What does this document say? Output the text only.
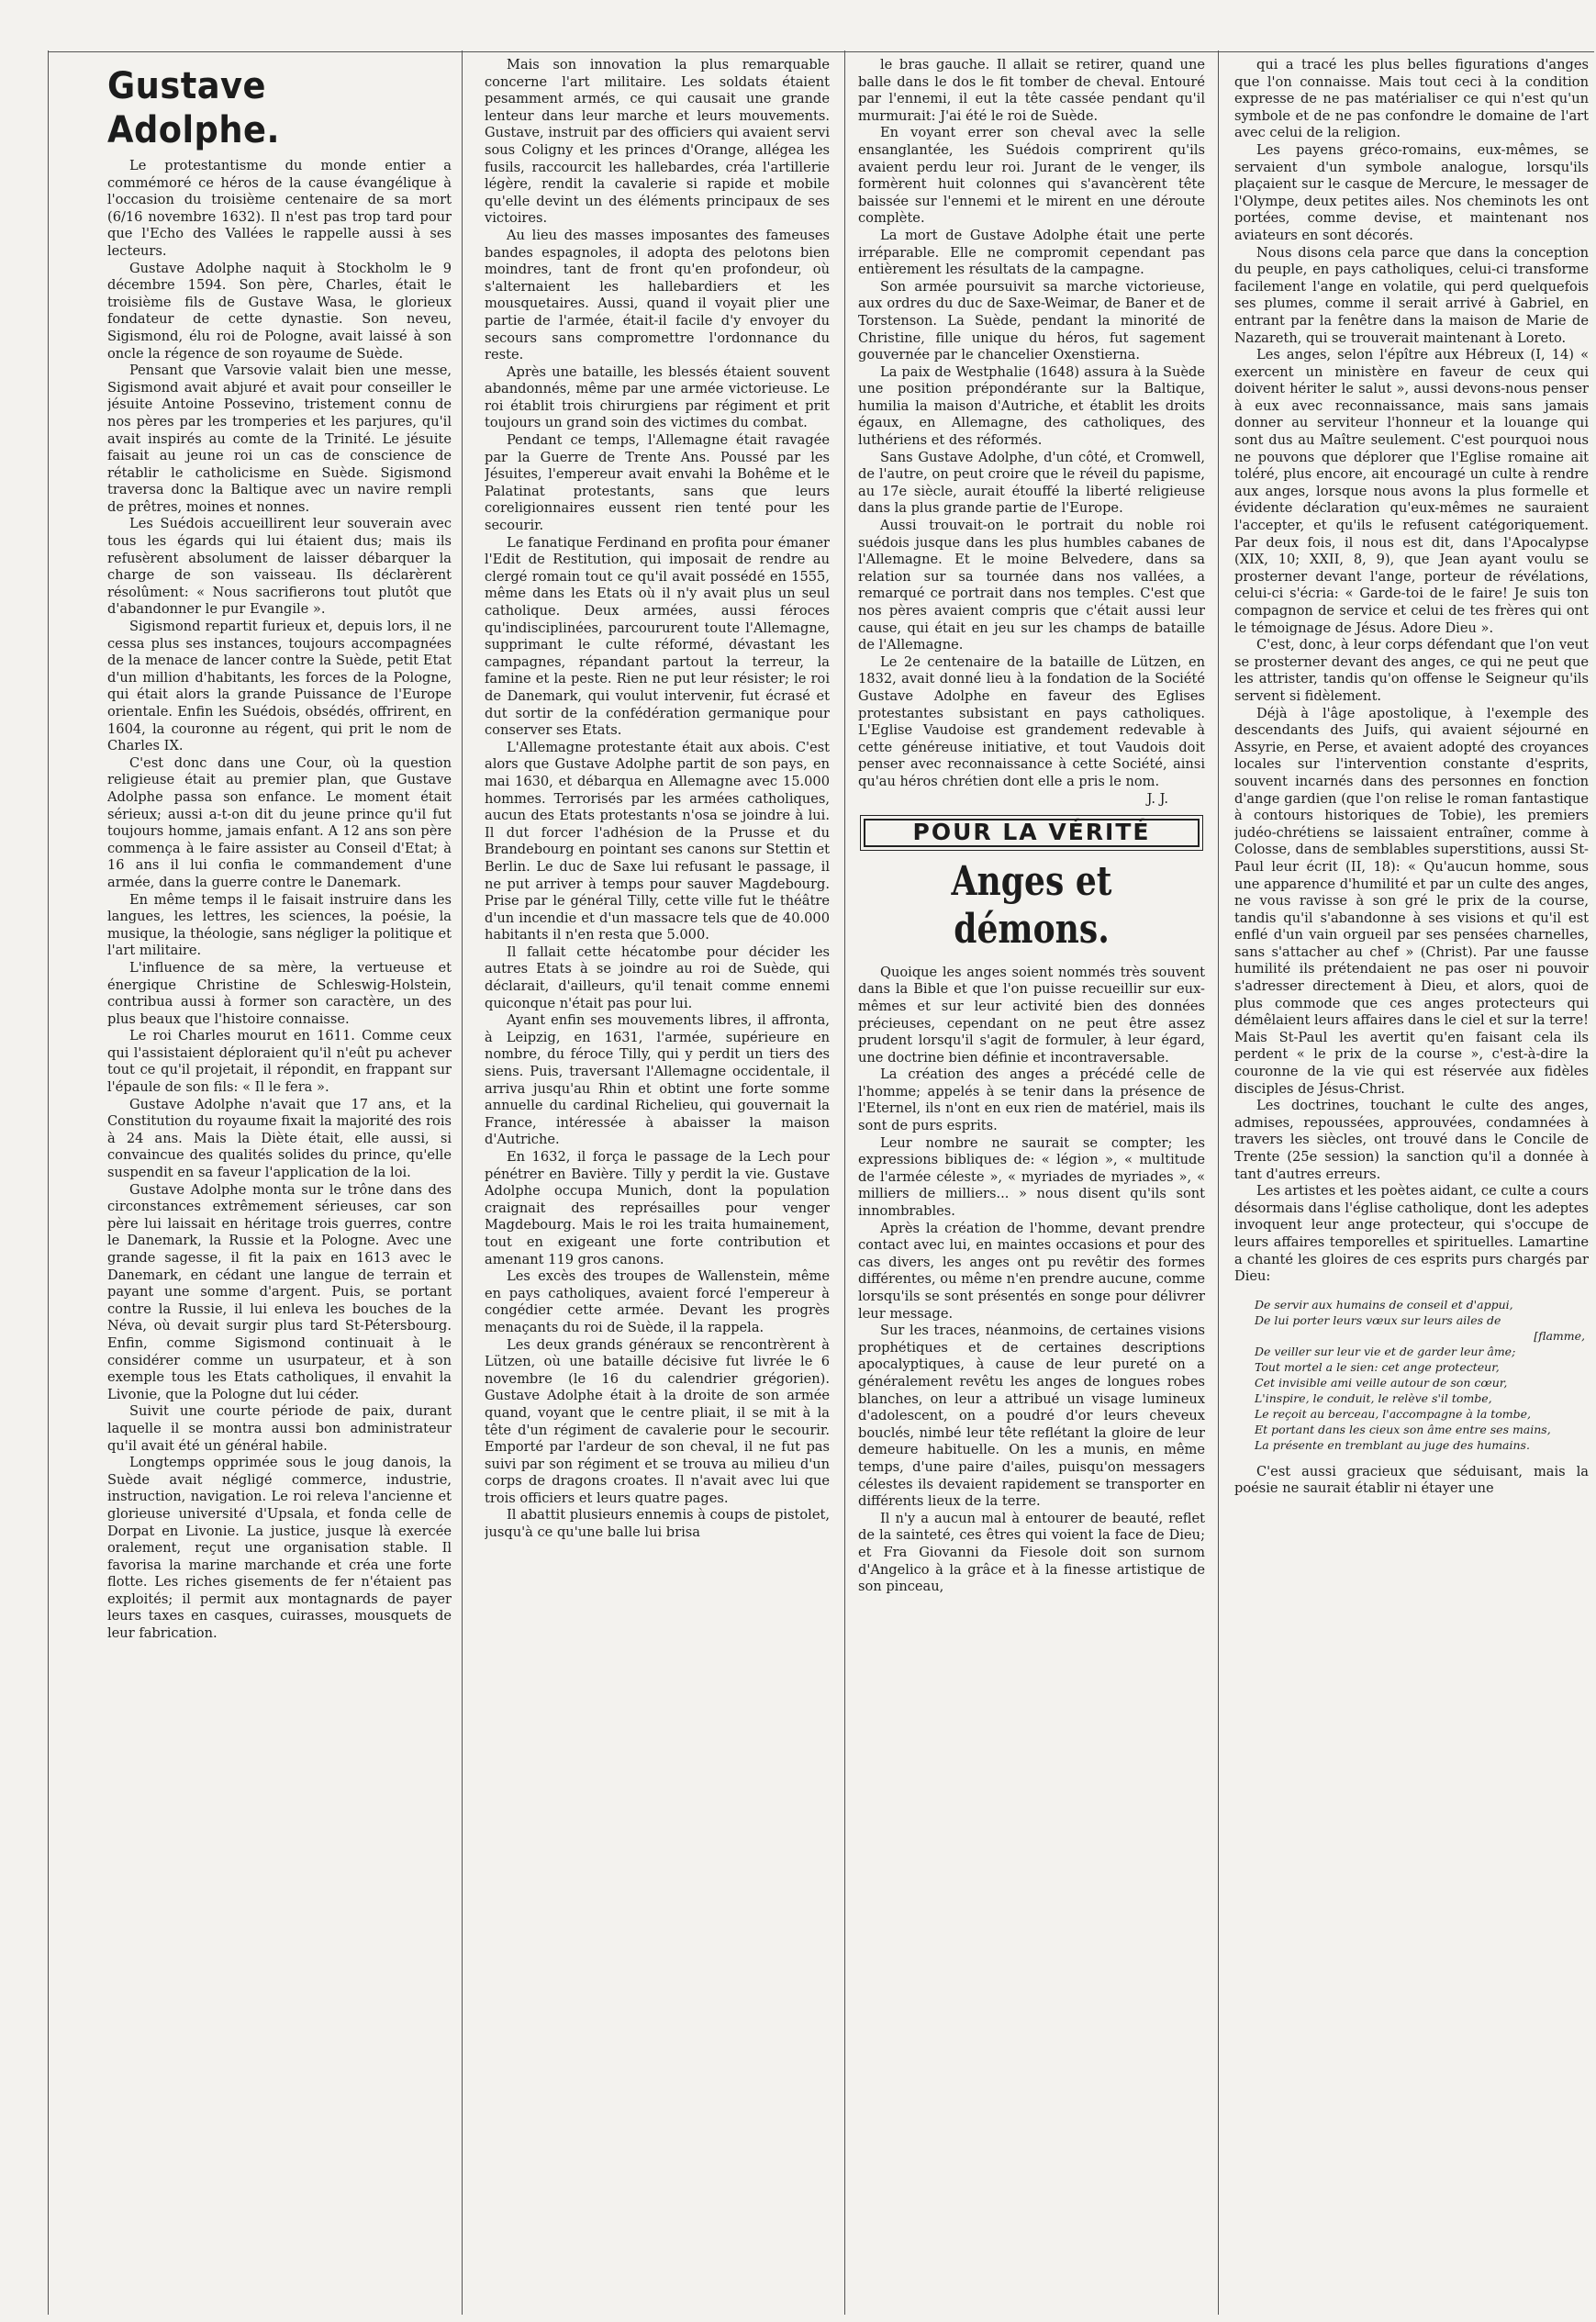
Gustave Adolphe.

Le protestantisme du monde entier a commémoré ce héros de la cause évangélique à l'occasion du troisième centenaire de sa mort (6/16 novembre 1632). Il n'est pas trop tard pour que l'Echo des Vallées le rappelle aussi à ses lecteurs.

Gustave Adolphe naquit à Stockholm le 9 décembre 1594. Son père, Charles, était le troisième fils de Gustave Wasa, le glorieux fondateur de cette dynastie. Son neveu, Sigismond, élu roi de Pologne, avait laissé à son oncle la régence de son royaume de Suède.

Pensant que Varsovie valait bien une messe, Sigismond avait abjuré et avait pour conseiller le jésuite Antoine Possevino, tristement connu de nos pères par les tromperies et les parjures, qu'il avait inspirés au comte de la Trinité. Le jésuite faisait au jeune roi un cas de conscience de rétablir le catholicisme en Suède. Sigismond traversa donc la Baltique avec un navire rempli de prêtres, moines et nonnes.

Les Suédois accueillirent leur souverain avec tous les égards qui lui étaient dus; mais ils refusèrent absolument de laisser débarquer la charge de son vaisseau. Ils déclarèrent résolûment: « Nous sacrifierons tout plutôt que d'abandonner le pur Evangile ».

Sigismond repartit furieux et, depuis lors, il ne cessa plus ses instances, toujours accompagnées de la menace de lancer contre la Suède, petit Etat d'un million d'habitants, les forces de la Pologne, qui était alors la grande Puissance de l'Europe orientale. Enfin les Suédois, obsédés, offrirent, en 1604, la couronne au régent, qui prit le nom de Charles IX.

C'est donc dans une Cour, où la question religieuse était au premier plan, que Gustave Adolphe passa son enfance. Le moment était sérieux; aussi a-t-on dit du jeune prince qu'il fut toujours homme, jamais enfant. A 12 ans son père commença à le faire assister au Conseil d'Etat; à 16 ans il lui confia le commandement d'une armée, dans la guerre contre le Danemark.

En même temps il le faisait instruire dans les langues, les lettres, les sciences, la poésie, la musique, la théologie, sans négliger la politique et l'art militaire.

L'influence de sa mère, la vertueuse et énergique Christine de Schleswig-Holstein, contribua aussi à former son caractère, un des plus beaux que l'histoire connaisse.

Le roi Charles mourut en 1611. Comme ceux qui l'assistaient déploraient qu'il n'eût pu achever tout ce qu'il projetait, il répondit, en frappant sur l'épaule de son fils: « Il le fera ».

Gustave Adolphe n'avait que 17 ans, et la Constitution du royaume fixait la majorité des rois à 24 ans. Mais la Diète était, elle aussi, si convaincue des qualités solides du prince, qu'elle suspendit en sa faveur l'application de la loi.

Gustave Adolphe monta sur le trône dans des circonstances extrêmement sérieuses, car son père lui laissait en héritage trois guerres, contre le Danemark, la Russie et la Pologne. Avec une grande sagesse, il fit la paix en 1613 avec le Danemark, en cédant une langue de terrain et payant une somme d'argent. Puis, se portant contre la Russie, il lui enleva les bouches de la Néva, où devait surgir plus tard St-Pétersbourg. Enfin, comme Sigismond continuait à le considérer comme un usurpateur, et à son exemple tous les Etats catholiques, il envahit la Livonie, que la Pologne dut lui céder.

Suivit une courte période de paix, durant laquelle il se montra aussi bon administrateur qu'il avait été un général habile.

Longtemps opprimée sous le joug danois, la Suède avait négligé commerce, industrie, instruction, navigation. Le roi releva l'ancienne et glorieuse université d'Upsala, et fonda celle de Dorpat en Livonie. La justice, jusque là exercée oralement, reçut une organisation stable. Il favorisa la marine marchande et créa une forte flotte. Les riches gisements de fer n'étaient pas exploités; il permit aux montagnards de payer leurs taxes en casques, cuirasses, mousquets de leur fabrication.

Mais son innovation la plus remarquable concerne l'art militaire. Les soldats étaient pesamment armés, ce qui causait une grande lenteur dans leur marche et leurs mouvements. Gustave, instruit par des officiers qui avaient servi sous Coligny et les princes d'Orange, allégea les fusils, raccourcit les hallebardes, créa l'artillerie légère, rendit la cavalerie si rapide et mobile qu'elle devint un des éléments principaux de ses victoires.

Au lieu des masses imposantes des fameuses bandes espagnoles, il adopta des pelotons bien moindres, tant de front qu'en profondeur, où s'alternaient les hallebardiers et les mousquetaires. Aussi, quand il voyait plier une partie de l'armée, était-il facile d'y envoyer du secours sans compromettre l'ordonnance du reste.

Après une bataille, les blessés étaient souvent abandonnés, même par une armée victorieuse. Le roi établit trois chirurgiens par régiment et prit toujours un grand soin des victimes du combat.

Pendant ce temps, l'Allemagne était ravagée par la Guerre de Trente Ans. Poussé par les Jésuites, l'empereur avait envahi la Bohême et le Palatinat protestants, sans que leurs coreligionnaires eussent rien tenté pour les secourir.

Le fanatique Ferdinand en profita pour émaner l'Edit de Restitution, qui imposait de rendre au clergé romain tout ce qu'il avait possédé en 1555, même dans les Etats où il n'y avait plus un seul catholique. Deux armées, aussi féroces qu'indisciplinées, parcoururent toute l'Allemagne, supprimant le culte réformé, dévastant les campagnes, répandant partout la terreur, la famine et la peste. Rien ne put leur résister; le roi de Danemark, qui voulut intervenir, fut écrasé et dut sortir de la confédération germanique pour conserver ses Etats.

L'Allemagne protestante était aux abois. C'est alors que Gustave Adolphe partit de son pays, en mai 1630, et débarqua en Allemagne avec 15.000 hommes. Terrorisés par les armées catholiques, aucun des Etats protestants n'osa se joindre à lui. Il dut forcer l'adhésion de la Prusse et du Brandebourg en pointant ses canons sur Stettin et Berlin. Le duc de Saxe lui refusant le passage, il ne put arriver à temps pour sauver Magdebourg. Prise par le général Tilly, cette ville fut le théâtre d'un incendie et d'un massacre tels que de 40.000 habitants il n'en resta que 5.000.

Il fallait cette hécatombe pour décider les autres Etats à se joindre au roi de Suède, qui déclarait, d'ailleurs, qu'il tenait comme ennemi quiconque n'était pas pour lui.

Ayant enfin ses mouvements libres, il affronta, à Leipzig, en 1631, l'armée, supérieure en nombre, du féroce Tilly, qui y perdit un tiers des siens. Puis, traversant l'Allemagne occidentale, il arriva jusqu'au Rhin et obtint une forte somme annuelle du cardinal Richelieu, qui gouvernait la France, intéressée à abaisser la maison d'Autriche.

En 1632, il força le passage de la Lech pour pénétrer en Bavière. Tilly y perdit la vie. Gustave Adolphe occupa Munich, dont la population craignait des représailles pour venger Magdebourg. Mais le roi les traita humainement, tout en exigeant une forte contribution et amenant 119 gros canons.

Les excès des troupes de Wallenstein, même en pays catholiques, avaient forcé l'empereur à congédier cette armée. Devant les progrès menaçants du roi de Suède, il la rappela.

Les deux grands généraux se rencontrèrent à Lützen, où une bataille décisive fut livrée le 6 novembre (le 16 du calendrier grégorien). Gustave Adolphe était à la droite de son armée quand, voyant que le centre pliait, il se mit à la tête d'un régiment de cavalerie pour le secourir. Emporté par l'ardeur de son cheval, il ne fut pas suivi par son régiment et se trouva au milieu d'un corps de dragons croates. Il n'avait avec lui que trois officiers et leurs quatre pages.

Il abattit plusieurs ennemis à coups de pistolet, jusqu'à ce qu'une balle lui brisa

le bras gauche. Il allait se retirer, quand une balle dans le dos le fit tomber de cheval. Entouré par l'ennemi, il eut la tête cassée pendant qu'il murmurait: J'ai été le roi de Suède.

En voyant errer son cheval avec la selle ensanglantée, les Suédois comprirent qu'ils avaient perdu leur roi. Jurant de le venger, ils formèrent huit colonnes qui s'avancèrent tête baissée sur l'ennemi et le mirent en une déroute complète.

La mort de Gustave Adolphe était une perte irréparable. Elle ne compromit cependant pas entièrement les résultats de la campagne.

Son armée poursuivit sa marche victorieuse, aux ordres du duc de Saxe-Weimar, de Baner et de Torstenson. La Suède, pendant la minorité de Christine, fille unique du héros, fut sagement gouvernée par le chancelier Oxenstierna.

La paix de Westphalie (1648) assura à la Suède une position prépondérante sur la Baltique, humilia la maison d'Autriche, et établit les droits égaux, en Allemagne, des catholiques, des luthériens et des réformés.

Sans Gustave Adolphe, d'un côté, et Cromwell, de l'autre, on peut croire que le réveil du papisme, au 17e siècle, aurait étouffé la liberté religieuse dans la plus grande partie de l'Europe.

Aussi trouvait-on le portrait du noble roi suédois jusque dans les plus humbles cabanes de l'Allemagne. Et le moine Belvedere, dans sa relation sur sa tournée dans nos vallées, a remarqué ce portrait dans nos temples. C'est que nos pères avaient compris que c'était aussi leur cause, qui était en jeu sur les champs de bataille de l'Allemagne.

Le 2e centenaire de la bataille de Lützen, en 1832, avait donné lieu à la fondation de la Société Gustave Adolphe en faveur des Eglises protestantes subsistant en pays catholiques. L'Eglise Vaudoise est grandement redevable à cette généreuse initiative, et tout Vaudois doit penser avec reconnaissance à cette Société, ainsi qu'au héros chrétien dont elle a pris le nom.

J. J.
POUR LA VÉRITÉ
Anges et démons.

Quoique les anges soient nommés très souvent dans la Bible et que l'on puisse recueillir sur eux-mêmes et sur leur activité bien des données précieuses, cependant on ne peut être assez prudent lorsqu'il s'agit de formuler, à leur égard, une doctrine bien définie et incontraversable.

La création des anges a précédé celle de l'homme; appelés à se tenir dans la présence de l'Eternel, ils n'ont en eux rien de matériel, mais ils sont de purs esprits.

Leur nombre ne saurait se compter; les expressions bibliques de: « légion », « multitude de l'armée céleste », « myriades de myriades », « milliers de milliers... » nous disent qu'ils sont innombrables.

Après la création de l'homme, devant prendre contact avec lui, en maintes occasions et pour des cas divers, les anges ont pu revêtir des formes différentes, ou même n'en prendre aucune, comme lorsqu'ils se sont présentés en songe pour délivrer leur message.

Sur les traces, néanmoins, de certaines visions prophétiques et de certaines descriptions apocalyptiques, à cause de leur pureté on a généralement revêtu les anges de longues robes blanches, on leur a attribué un visage lumineux d'adolescent, on a poudré d'or leurs cheveux bouclés, nimbé leur tête reflétant la gloire de leur demeure habituelle. On les a munis, en même temps, d'une paire d'ailes, puisqu'on messagers célestes ils devaient rapidement se transporter en différents lieux de la terre.

Il n'y a aucun mal à entourer de beauté, reflet de la sainteté, ces êtres qui voient la face de Dieu; et Fra Giovanni da Fiesole doit son surnom d'Angelico à la grâce et à la finesse artistique de son pinceau,

qui a tracé les plus belles figurations d'anges que l'on connaisse. Mais tout ceci à la condition expresse de ne pas matérialiser ce qui n'est qu'un symbole et de ne pas confondre le domaine de l'art avec celui de la religion.

Les payens gréco-romains, eux-mêmes, se servaient d'un symbole analogue, lorsqu'ils plaçaient sur le casque de Mercure, le messager de l'Olympe, deux petites ailes. Nos cheminots les ont portées, comme devise, et maintenant nos aviateurs en sont décorés.

Nous disons cela parce que dans la conception du peuple, en pays catholiques, celui-ci transforme facilement l'ange en volatile, qui perd quelquefois ses plumes, comme il serait arrivé à Gabriel, en entrant par la fenêtre dans la maison de Marie de Nazareth, qui se trouverait maintenant à Loreto.

Les anges, selon l'épître aux Hébreux (I, 14) « exercent un ministère en faveur de ceux qui doivent hériter le salut », aussi devons-nous penser à eux avec reconnaissance, mais sans jamais donner au serviteur l'honneur et la louange qui sont dus au Maître seulement. C'est pourquoi nous ne pouvons que déplorer que l'Eglise romaine ait toléré, plus encore, ait encouragé un culte à rendre aux anges, lorsque nous avons la plus formelle et évidente déclaration qu'eux-mêmes ne sauraient l'accepter, et qu'ils le refusent catégoriquement. Par deux fois, il nous est dit, dans l'Apocalypse (XIX, 10; XXII, 8, 9), que Jean ayant voulu se prosterner devant l'ange, porteur de révélations, celui-ci s'écria: « Garde-toi de le faire! Je suis ton compagnon de service et celui de tes frères qui ont le témoignage de Jésus. Adore Dieu ».

C'est, donc, à leur corps défendant que l'on veut se prosterner devant des anges, ce qui ne peut que les attrister, tandis qu'on offense le Seigneur qu'ils servent si fidèlement.

Déjà à l'âge apostolique, à l'exemple des descendants des Juifs, qui avaient séjourné en Assyrie, en Perse, et avaient adopté des croyances locales sur l'intervention constante d'esprits, souvent incarnés dans des personnes en fonction d'ange gardien (que l'on relise le roman fantastique à contours historiques de Tobie), les premiers judéo-chrétiens se laissaient entraîner, comme à Colosse, dans de semblables superstitions, aussi St-Paul leur écrit (II, 18): « Qu'aucun homme, sous une apparence d'humilité et par un culte des anges, ne vous ravisse à son gré le prix de la course, tandis qu'il s'abandonne à ses visions et qu'il est enflé d'un vain orgueil par ses pensées charnelles, sans s'attacher au chef » (Christ). Par une fausse humilité ils prétendaient ne pas oser ni pouvoir s'adresser directement à Dieu, et alors, quoi de plus commode que ces anges protecteurs qui démêlaient leurs affaires dans le ciel et sur la terre! Mais St-Paul les avertit qu'en faisant cela ils perdent « le prix de la course », c'est-à-dire la couronne de la vie qui est réservée aux fidèles disciples de Jésus-Christ.

Les doctrines, touchant le culte des anges, admises, repoussées, approuvées, condamnées à travers les siècles, ont trouvé dans le Concile de Trente (25e session) la sanction qu'il a donnée à tant d'autres erreurs.

Les artistes et les poètes aidant, ce culte a cours désormais dans l'église catholique, dont les adeptes invoquent leur ange protecteur, qui s'occupe de leurs affaires temporelles et spirituelles. Lamartine a chanté les gloires de ces esprits purs chargés par Dieu:

De servir aux humains de conseil et d'appui,
De lui porter leurs vœux sur leurs ailes de
[flamme,
De veiller sur leur vie et de garder leur âme;
Tout mortel a le sien: cet ange protecteur,
Cet invisible ami veille autour de son cœur,
L'inspire, le conduit, le relève s'il tombe,
Le reçoit au berceau, l'accompagne à la tombe,
Et portant dans les cieux son âme entre ses mains,
La présente en tremblant au juge des humains.

C'est aussi gracieux que séduisant, mais la poésie ne saurait établir ni étayer une
